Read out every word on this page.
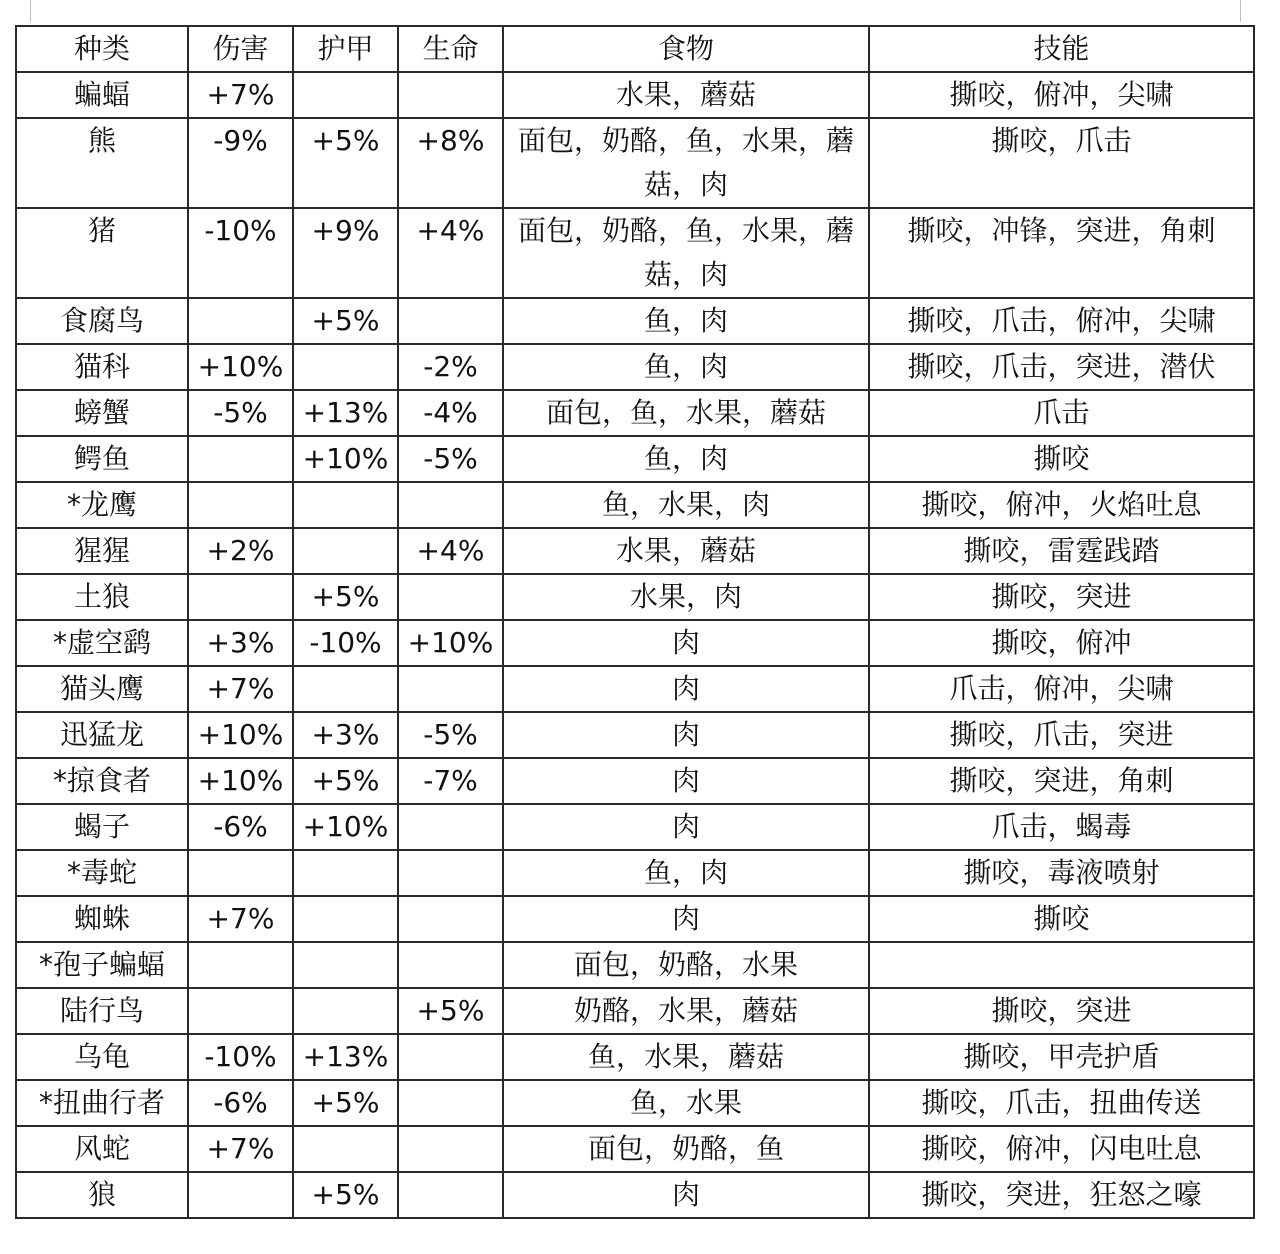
种类	伤害	护甲	生命	食物	技能
蝙蝠	+7%			水果，蘑菇	撕咬，俯冲，尖啸
熊	-9%	+5%	+8%	面包，奶酪，鱼，水果，蘑菇，肉	撕咬，爪击
猪	-10%	+9%	+4%	面包，奶酪，鱼，水果，蘑菇，肉	撕咬，冲锋，突进，角刺
食腐鸟		+5%		鱼，肉	撕咬，爪击，俯冲，尖啸
猫科	+10%		-2%	鱼，肉	撕咬，爪击，突进，潜伏
螃蟹	-5%	+13%	-4%	面包，鱼，水果，蘑菇	爪击
鳄鱼		+10%	-5%	鱼，肉	撕咬
*龙鹰				鱼，水果，肉	撕咬，俯冲，火焰吐息
猩猩	+2%		+4%	水果，蘑菇	撕咬，雷霆践踏
土狼		+5%		水果，肉	撕咬，突进
*虚空鹞	+3%	-10%	+10%	肉	撕咬，俯冲
猫头鹰	+7%			肉	爪击，俯冲，尖啸
迅猛龙	+10%	+3%	-5%	肉	撕咬，爪击，突进
*掠食者	+10%	+5%	-7%	肉	撕咬，突进，角刺
蝎子	-6%	+10%		肉	爪击，蝎毒
*毒蛇				鱼，肉	撕咬，毒液喷射
蜘蛛	+7%			肉	撕咬
*孢子蝙蝠				面包，奶酪，水果	
陆行鸟			+5%	奶酪，水果，蘑菇	撕咬，突进
乌龟	-10%	+13%		鱼，水果，蘑菇	撕咬，甲壳护盾
*扭曲行者	-6%	+5%		鱼，水果	撕咬，爪击，扭曲传送
风蛇	+7%			面包，奶酪，鱼	撕咬，俯冲，闪电吐息
狼		+5%		肉	撕咬，突进，狂怒之嚎
